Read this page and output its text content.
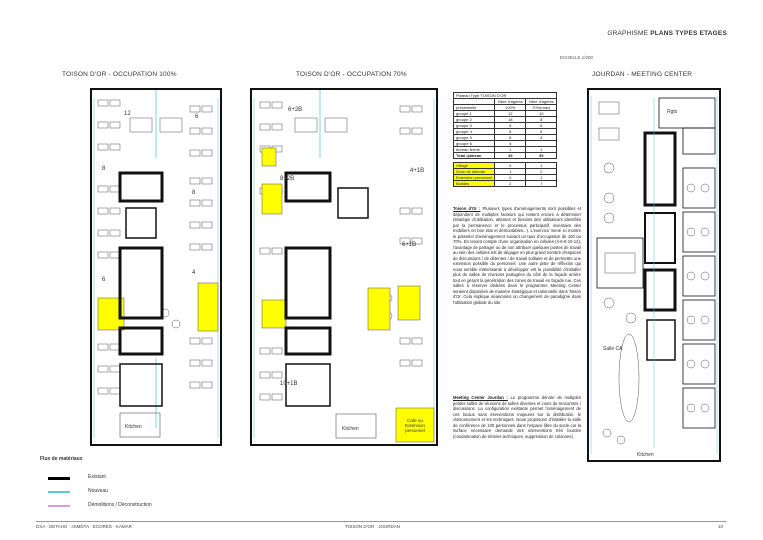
GRAPHISME PLANS TYPES ETAGES
ECHELLE 1/200
TOISON D'OR - OCCUPATION 100%	TOISON D'OR - OCCUPATION 70%	JOURDAN - MEETING CENTER
12	6
8
8
6
4
Kitchen
6+2B
4+1B
8+2B
6+1B
10+1B
Kitchen
Cafe ou Extension personnel
Plateau Type TOISON D'OR		
	Nbre d'agents	Nbre d'agents
présentielle	100%	70%(max)
groupe 1	12	10
groupe 2	18	8
groupe 3	8	6
groupe 4	8	6
groupe 5	6	4
groupe 6	4	
bureau fermé	1	1
Total /plateau	49	35

Village	0	1
Zone de détente	1	2
Extension personnel	0	1
Bulldes	2	7
Toison d'Or : Plusieurs types d'aménagements sont possibles et dépendent de multiples facteurs qui restent encore à déterminer (stratégie d'utilisation, attentes et besoins des utilisateurs identifiés par la permanence et le processus participatif, inventaire des mobiliers en bon état et démontables...). L'exercice mené ici montre le potentiel d'aménagement suivant un taux d'occupation de 100 ou 70%. En tenant compte d'une organisation en cellules (4-6-8-10-12), l'avantage de partager ou de non attribuer quelques postes de travail au sein des cellules est de dégager en plus grand nombre d'espaces de discussions / de détentes / de travail solitaire et de permettre une extension possible du personnel. Une autre piste de réflexion qui nous semble intéressante à développer est la possibilité d'installer plus de salles de réunions partagées du côté de la façade arrière tout en gérant la pénétration des zones de travail en façade rue. Ces salles à réserver dédiées dans le programme Meeting Center seraient disposées de manière stratégique et rationnelle dans Toison d'Or. Cela implique néanmoins un changement de paradigme dans l'utilisation globale du site.
Meeting Center Jourdan : Le programme dénote de multiples petites salles de réunions de tailles diverses et coins de rencontres / discussions. La configuration existante permet l'aménagement de ces locaux sans interventions majeures sur la distribution, le cloisonnement et les techniques. Nous proposons d'installer la salle de conférence de 100 personnes dans l'espace libre du socle car la surface nécessaire demande des interventions très lourdes (condamnation de trémies techniques, suppression de colonnes).
Salle CA
Kitchen
Rgts
Flux de matériaux
Existant
Nouveau
Démolitions / Déconstruction
DXA · DETAHO · JSMDTA · ECORES · KAMAR	TOISON D'OR · JOURDAN	10
